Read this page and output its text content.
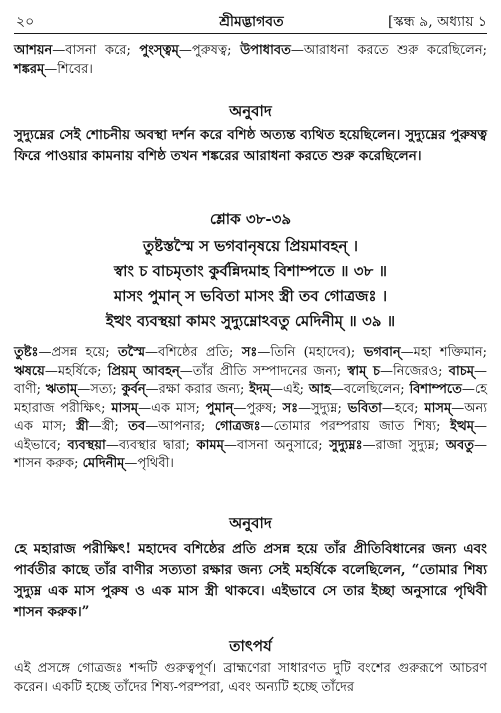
২০	শ্রীমদ্ভাগবত	[স্কন্ধ ৯, অধ্যায় ১
আশয়ন—বাসনা করে; পুংস্ত্বম্—পুরুষত্ব; উপাধাবত—আরাধনা করতে শুরু করেছিলেন; শঙ্করম্—শিবের।
অনুবাদ
সুদ্যুম্নের সেই শোচনীয় অবস্থা দর্শন করে বশিষ্ঠ অত্যন্ত ব্যথিত হয়েছিলেন। সুদ্যুম্নের পুরুষত্ব ফিরে পাওয়ার কামনায় বশিষ্ঠ তখন শঙ্করের আরাধনা করতে শুরু করেছিলেন।
শ্লোক ৩৮-৩৯
তুষ্টস্তস্মৈ স ভগবানৃষয়ে প্রিয়মাবহন্ ।
স্বাং চ বাচমৃতাং কুর্বন্নিদমাহ বিশাম্পতে ॥ ৩৮ ॥
মাসং পুমান্ স ভবিতা মাসং স্ত্রী তব গোত্রজঃ ।
ইত্থং ব্যবস্থয়া কামং সুদ্যুম্নোঽবতু মেদিনীম্ ॥ ৩৯ ॥
তুষ্টঃ—প্রসন্ন হয়ে; তস্মৈ—বশিষ্ঠের প্রতি; সঃ—তিনি (মহাদেব); ভগবান্—মহা শক্তিমান; ঋষয়ে—মহর্ষিকে; প্রিয়ম্ আবহন্—তাঁর প্রীতি সম্পাদনের জন্য; স্বাম্ চ—নিজেরও; বাচম্—বাণী; ঋতাম্—সত্য; কুর্বন্—রক্ষা করার জন্য; ইদম্—এই; আহ—বলেছিলেন; বিশাম্পতে—হে মহারাজ পরীক্ষিৎ; মাসম্—এক মাস; পুমান্—পুরুষ; সঃ—সুদ্যুম্ন; ভবিতা—হবে; মাসম্—অন্য এক মাস; স্ত্রী—স্ত্রী; তব—আপনার; গোত্রজঃ—তোমার পরম্পরায় জাত শিষ্য; ইত্থম্—এইভাবে; ব্যবস্থয়া—ব্যবস্থার দ্বারা; কামম্—বাসনা অনুসারে; সুদ্যুম্নঃ—রাজা সুদ্যুম্ন; অবতু—শাসন করুক; মেদিনীম্—পৃথিবী।
অনুবাদ
হে মহারাজ পরীক্ষিৎ! মহাদেব বশিষ্ঠের প্রতি প্রসন্ন হয়ে তাঁর প্রীতিবিধানের জন্য এবং পার্বতীর কাছে তাঁর বাণীর সত্যতা রক্ষার জন্য সেই মহর্ষিকে বলেছিলেন, “তোমার শিষ্য সুদ্যুম্ন এক মাস পুরুষ ও এক মাস স্ত্রী থাকবে। এইভাবে সে তার ইচ্ছা অনুসারে পৃথিবী শাসন করুক।”
তাৎপর্য
এই প্রসঙ্গে গোত্রজঃ শব্দটি গুরুত্বপূর্ণ। ব্রাহ্মণেরা সাধারণত দুটি বংশের গুরুরূপে আচরণ করেন। একটি হচ্ছে তাঁদের শিষ্য-পরম্পরা, এবং অন্যটি হচ্ছে তাঁদের
